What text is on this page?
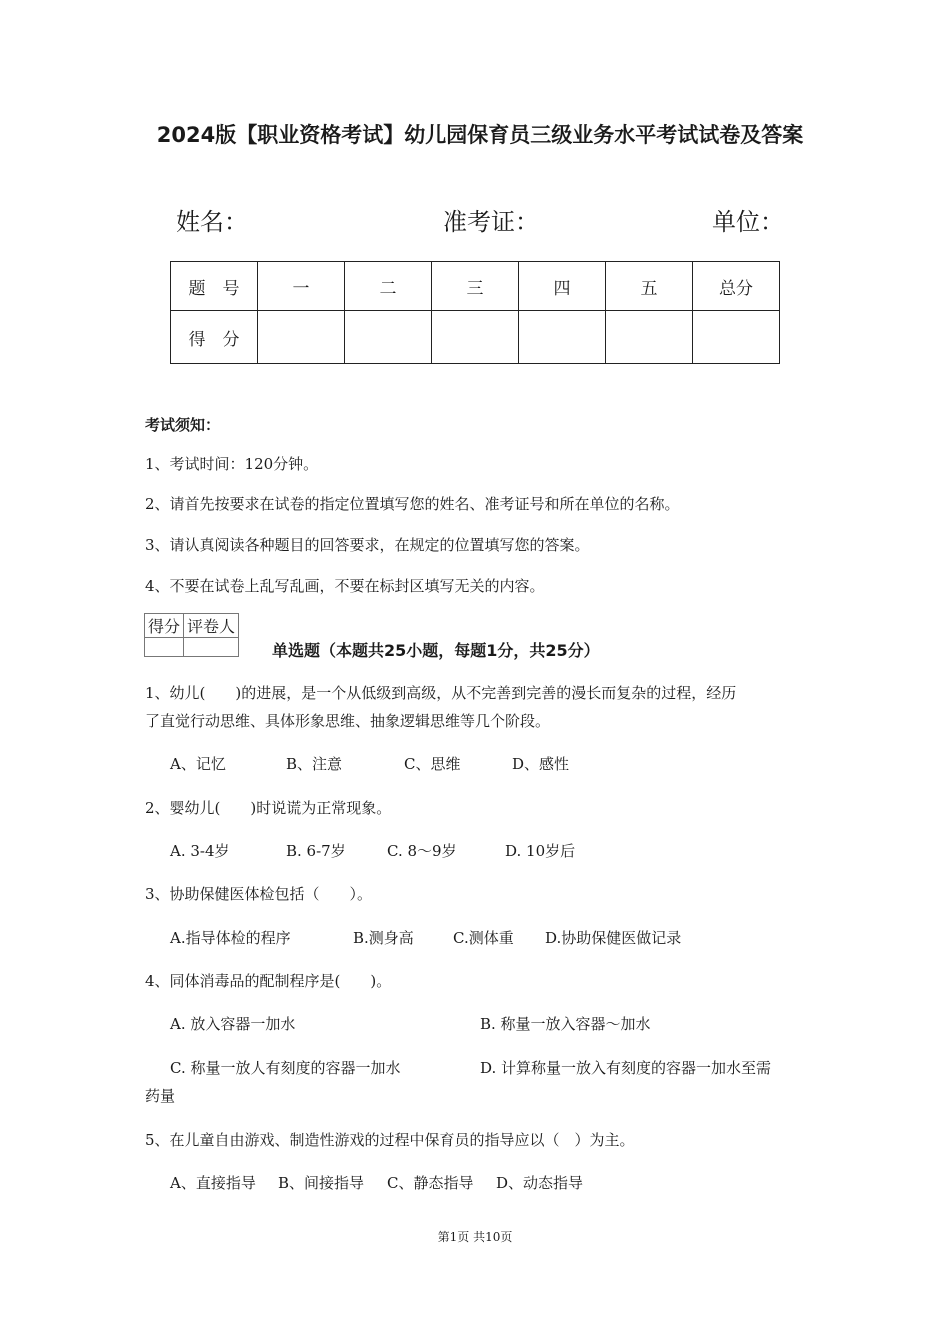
2024版【职业资格考试】幼儿园保育员三级业务水平考试试卷及答案
姓名：	准考证：	单位：
题　号	一	二	三	四	五	总分
得　分						
考试须知：
1、考试时间：120分钟。
2、请首先按要求在试卷的指定位置填写您的姓名、准考证号和所在单位的名称。
3、请认真阅读各种题目的回答要求，在规定的位置填写您的答案。
4、不要在试卷上乱写乱画，不要在标封区填写无关的内容。
得分	评卷人

单选题（本题共25小题，每题1分，共25分）
1、幼儿(　　)的进展，是一个从低级到高级，从不完善到完善的漫长而复杂的过程，经历
了直觉行动思维、具体形象思维、抽象逻辑思维等几个阶段。
A、记忆	B、注意	C、思维	D、感性
2、婴幼儿(　　)时说谎为正常现象。
A. 3-4岁	B. 6-7岁	C. 8～9岁	D. 10岁后
3、协助保健医体检包括（　　）。
A.指导体检的程序	B.测身高	C.测体重 D.协助保健医做记录
4、同体消毒品的配制程序是(　　)。
A. 放入容器一加水	B. 称量一放入容器～加水
C. 称量一放人有刻度的容器一加水	D. 计算称量一放入有刻度的容器一加水至需
药量
5、在儿童自由游戏、制造性游戏的过程中保育员的指导应以（　）为主。
A、直接指导 B、间接指导 C、静态指导 D、动态指导
第1页 共10页
